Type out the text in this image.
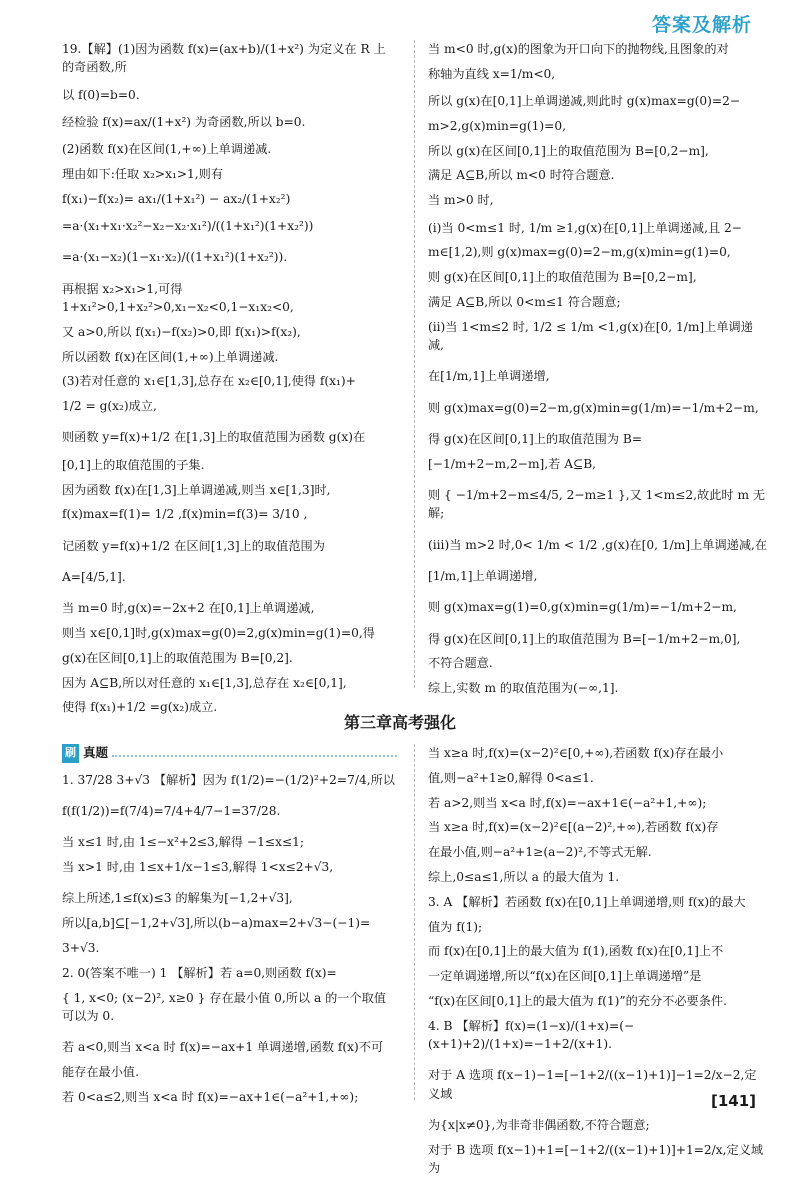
答案及解析

19.【解】(1)因为函数 f(x)=(ax+b)/(1+x²) 为定义在 R 上的奇函数,所

以 f(0)=b=0.

经检验 f(x)=ax/(1+x²) 为奇函数,所以 b=0.

(2)函数 f(x)在区间(1,+∞)上单调递减.

理由如下:任取 x₂>x₁>1,则有

f(x₁)−f(x₂)= ax₁/(1+x₁²) − ax₂/(1+x₂²)

=a·(x₁+x₁·x₂²−x₂−x₂·x₁²)/((1+x₁²)(1+x₂²))

=a·(x₁−x₂)(1−x₁·x₂)/((1+x₁²)(1+x₂²)).

再根据 x₂>x₁>1,可得 1+x₁²>0,1+x₂²>0,x₁−x₂<0,1−x₁x₂<0,

又 a>0,所以 f(x₁)−f(x₂)>0,即 f(x₁)>f(x₂),

所以函数 f(x)在区间(1,+∞)上单调递减.

(3)若对任意的 x₁∈[1,3],总存在 x₂∈[0,1],使得 f(x₁)+

1/2 = g(x₂)成立,

则函数 y=f(x)+1/2 在[1,3]上的取值范围为函数 g(x)在

[0,1]上的取值范围的子集.

因为函数 f(x)在[1,3]上单调递减,则当 x∈[1,3]时,

f(x)max=f(1)= 1/2 ,f(x)min=f(3)= 3/10 ,

记函数 y=f(x)+1/2 在区间[1,3]上的取值范围为

A=[4/5,1].

当 m=0 时,g(x)=−2x+2 在[0,1]上单调递减,

则当 x∈[0,1]时,g(x)max=g(0)=2,g(x)min=g(1)=0,得

g(x)在区间[0,1]上的取值范围为 B=[0,2].

因为 A⊆B,所以对任意的 x₁∈[1,3],总存在 x₂∈[0,1],

使得 f(x₁)+1/2 =g(x₂)成立.

当 m<0 时,g(x)的图象为开口向下的抛物线,且图象的对

称轴为直线 x=1/m<0,

所以 g(x)在[0,1]上单调递减,则此时 g(x)max=g(0)=2−

m>2,g(x)min=g(1)=0,

所以 g(x)在区间[0,1]上的取值范围为 B=[0,2−m],

满足 A⊆B,所以 m<0 时符合题意.

当 m>0 时,

(i)当 0<m≤1 时, 1/m ≥1,g(x)在[0,1]上单调递减,且 2−

m∈[1,2),则 g(x)max=g(0)=2−m,g(x)min=g(1)=0,

则 g(x)在区间[0,1]上的取值范围为 B=[0,2−m],

满足 A⊆B,所以 0<m≤1 符合题意;

(ii)当 1<m≤2 时, 1/2 ≤ 1/m <1,g(x)在[0, 1/m]上单调递减,

在[1/m,1]上单调递增,

则 g(x)max=g(0)=2−m,g(x)min=g(1/m)=−1/m+2−m,

得 g(x)在区间[0,1]上的取值范围为 B=

[−1/m+2−m,2−m],若 A⊆B,

则 { −1/m+2−m≤4/5, 2−m≥1 },又 1<m≤2,故此时 m 无解;

(iii)当 m>2 时,0< 1/m < 1/2 ,g(x)在[0, 1/m]上单调递减,在

[1/m,1]上单调递增,

则 g(x)max=g(1)=0,g(x)min=g(1/m)=−1/m+2−m,

得 g(x)在区间[0,1]上的取值范围为 B=[−1/m+2−m,0],

不符合题意.

综上,实数 m 的取值范围为(−∞,1].

第三章高考强化
刷 真题

1. 37/28 3+√3 【解析】因为 f(1/2)=−(1/2)²+2=7/4,所以

f(f(1/2))=f(7/4)=7/4+4/7−1=37/28.

当 x≤1 时,由 1≤−x²+2≤3,解得 −1≤x≤1;

当 x>1 时,由 1≤x+1/x−1≤3,解得 1<x≤2+√3,

综上所述,1≤f(x)≤3 的解集为[−1,2+√3],

所以[a,b]⊆[−1,2+√3],所以(b−a)max=2+√3−(−1)=

3+√3.

2. 0(答案不唯一) 1 【解析】若 a=0,则函数 f(x)=

{ 1, x<0; (x−2)², x≥0 } 存在最小值 0,所以 a 的一个取值可以为 0.

若 a<0,则当 x<a 时 f(x)=−ax+1 单调递增,函数 f(x)不可

能存在最小值.

若 0<a≤2,则当 x<a 时 f(x)=−ax+1∈(−a²+1,+∞);

当 x≥a 时,f(x)=(x−2)²∈[0,+∞),若函数 f(x)存在最小

值,则−a²+1≥0,解得 0<a≤1.

若 a>2,则当 x<a 时,f(x)=−ax+1∈(−a²+1,+∞);

当 x≥a 时,f(x)=(x−2)²∈[(a−2)²,+∞),若函数 f(x)存

在最小值,则−a²+1≥(a−2)²,不等式无解.

综上,0≤a≤1,所以 a 的最大值为 1.

3. A 【解析】若函数 f(x)在[0,1]上单调递增,则 f(x)的最大

值为 f(1);

而 f(x)在[0,1]上的最大值为 f(1),函数 f(x)在[0,1]上不

一定单调递增,所以“f(x)在区间[0,1]上单调递增”是

“f(x)在区间[0,1]上的最大值为 f(1)”的充分不必要条件.

4. B 【解析】f(x)=(1−x)/(1+x)=(−(x+1)+2)/(1+x)=−1+2/(x+1).

对于 A 选项 f(x−1)−1=[−1+2/((x−1)+1)]−1=2/x−2,定义域

为{x|x≠0},为非奇非偶函数,不符合题意;

对于 B 选项 f(x−1)+1=[−1+2/((x−1)+1)]+1=2/x,定义域为

[141]
